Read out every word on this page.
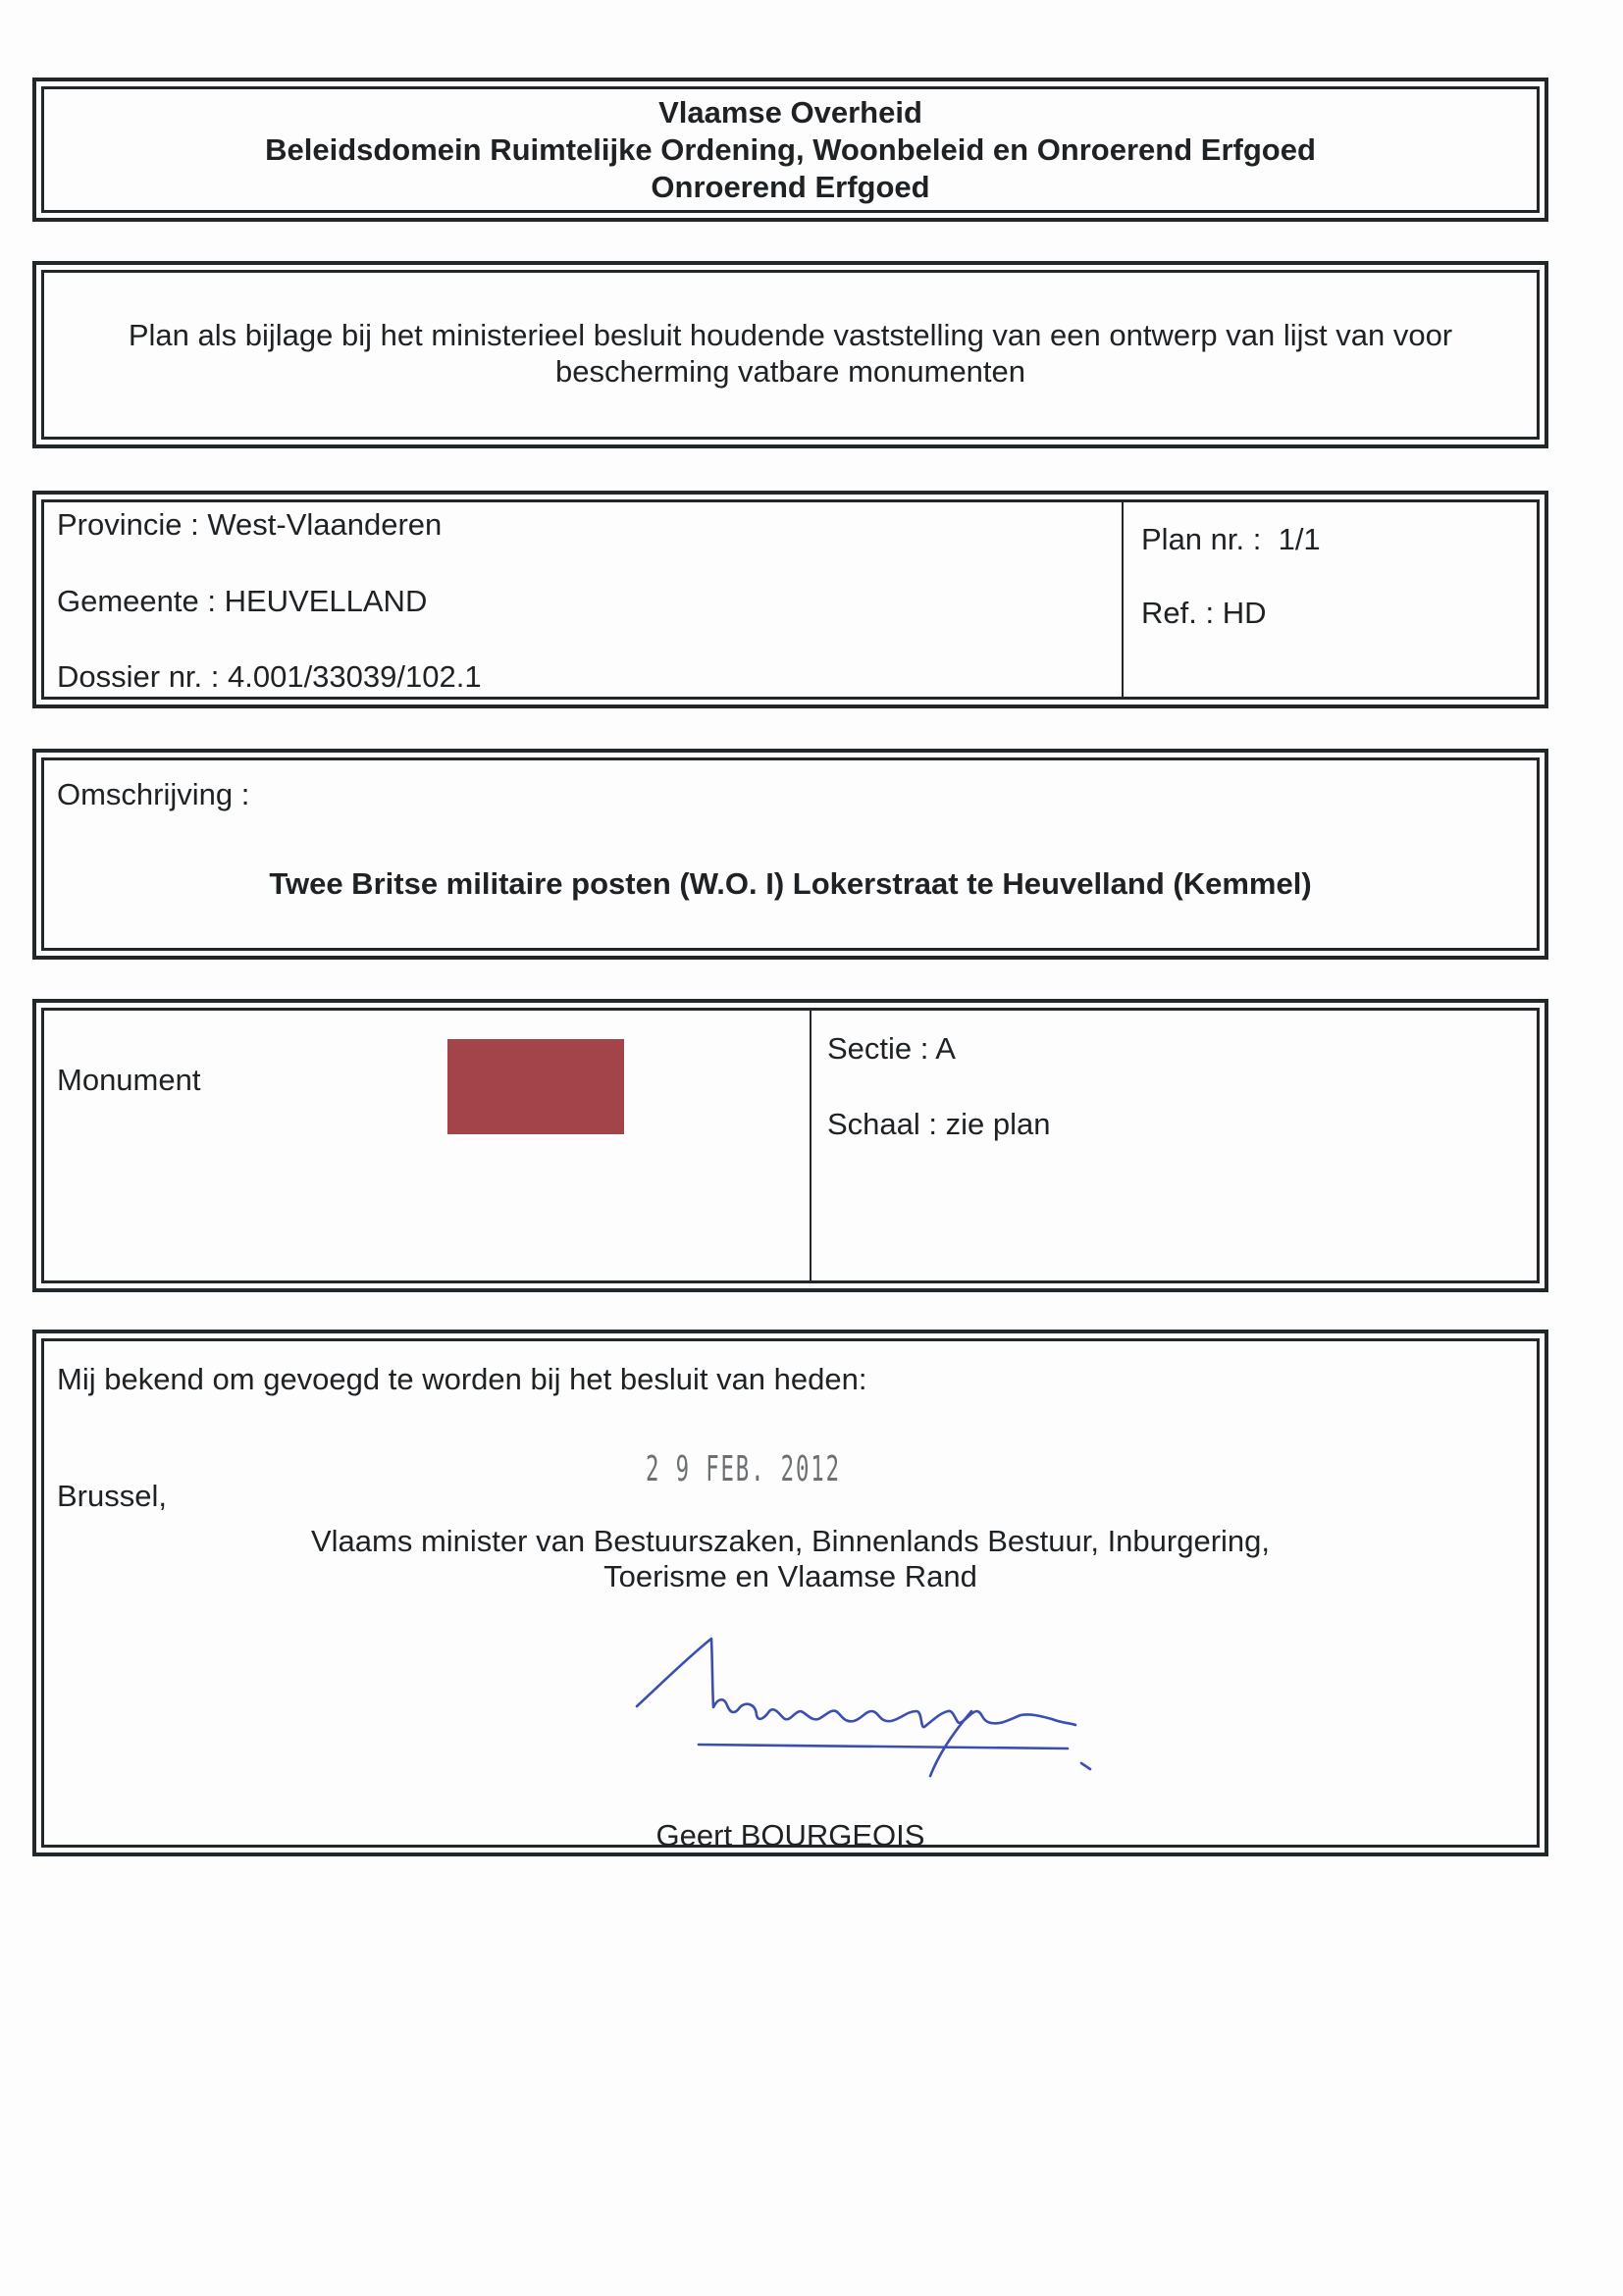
Vlaamse Overheid
Beleidsdomein Ruimtelijke Ordening, Woonbeleid en Onroerend Erfgoed
Onroerend Erfgoed
Plan als bijlage bij het ministerieel besluit houdende vaststelling van een ontwerp van lijst van voor
bescherming vatbare monumenten
Provincie : West-Vlaanderen
Gemeente : HEUVELLAND
Dossier nr. : 4.001/33039/102.1
Plan nr. :  1/1
Ref. : HD
Omschrijving :
Twee Britse militaire posten (W.O. I) Lokerstraat te Heuvelland (Kemmel)
Monument
Sectie : A
Schaal : zie plan
Mij bekend om gevoegd te worden bij het besluit van heden:
Brussel,
Vlaams minister van Bestuurszaken, Binnenlands Bestuur, Inburgering,
Toerisme en Vlaamse Rand
Geert BOURGEOIS
2 9 FEB. 2012
